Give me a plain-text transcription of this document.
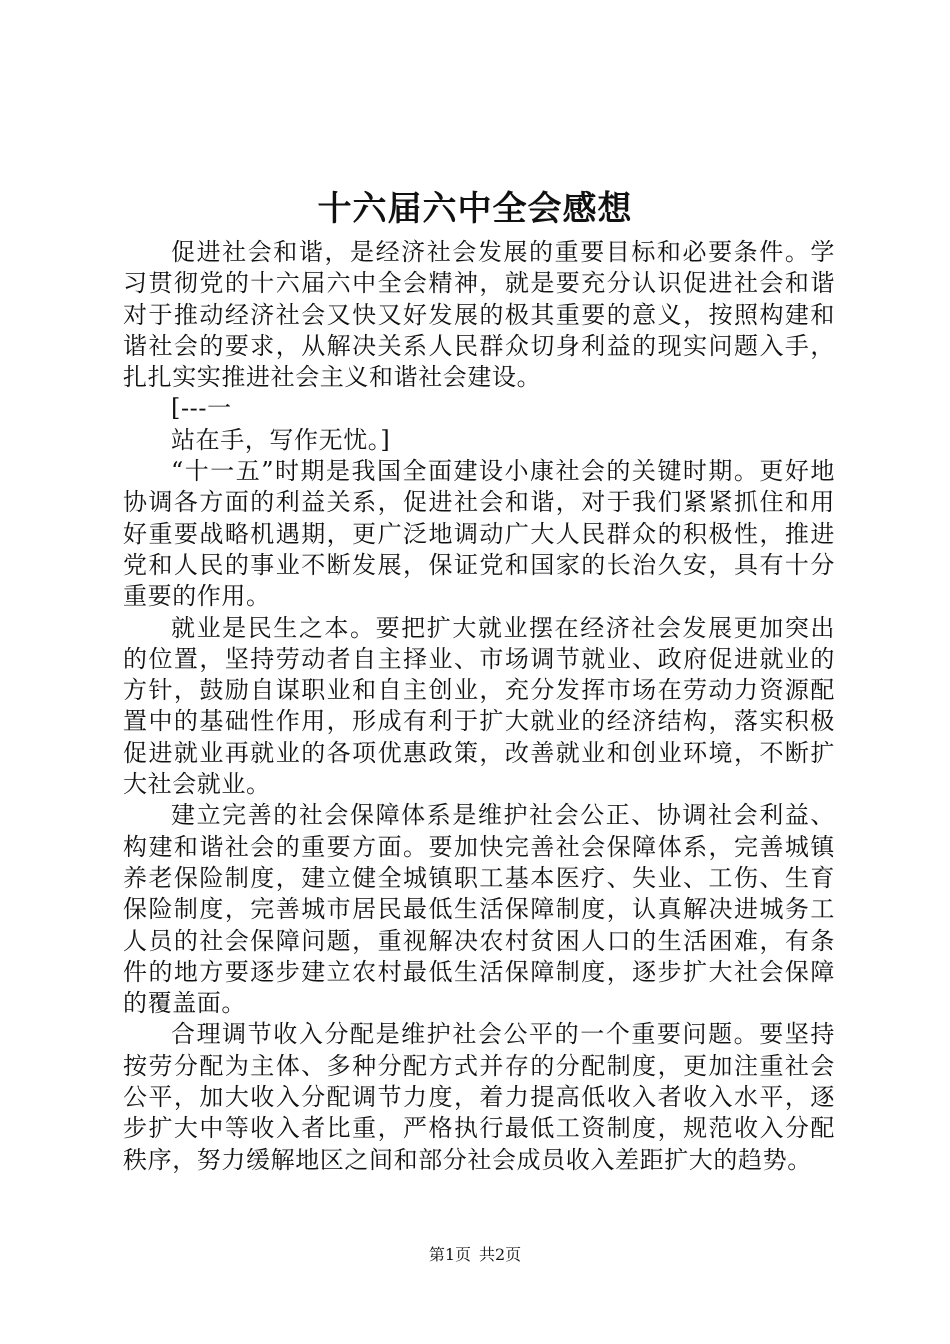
十六届六中全会感想

促进社会和谐，是经济社会发展的重要目标和必要条件。学习贯彻党的十六届六中全会精神，就是要充分认识促进社会和谐对于推动经济社会又快又好发展的极其重要的意义，按照构建和谐社会的要求，从解决关系人民群众切身利益的现实问题入手，扎扎实实推进社会主义和谐社会建设。

[---一

站在手，写作无忧。]

“十一五”时期是我国全面建设小康社会的关键时期。更好地协调各方面的利益关系，促进社会和谐，对于我们紧紧抓住和用好重要战略机遇期，更广泛地调动广大人民群众的积极性，推进党和人民的事业不断发展，保证党和国家的长治久安，具有十分重要的作用。

就业是民生之本。要把扩大就业摆在经济社会发展更加突出的位置，坚持劳动者自主择业、市场调节就业、政府促进就业的方针，鼓励自谋职业和自主创业，充分发挥市场在劳动力资源配置中的基础性作用，形成有利于扩大就业的经济结构，落实积极促进就业再就业的各项优惠政策，改善就业和创业环境，不断扩大社会就业。

建立完善的社会保障体系是维护社会公正、协调社会利益、构建和谐社会的重要方面。要加快完善社会保障体系，完善城镇养老保险制度，建立健全城镇职工基本医疗、失业、工伤、生育保险制度，完善城市居民最低生活保障制度，认真解决进城务工人员的社会保障问题，重视解决农村贫困人口的生活困难，有条件的地方要逐步建立农村最低生活保障制度，逐步扩大社会保障的覆盖面。

合理调节收入分配是维护社会公平的一个重要问题。要坚持按劳分配为主体、多种分配方式并存的分配制度，更加注重社会公平，加大收入分配调节力度，着力提高低收入者收入水平，逐步扩大中等收入者比重，严格执行最低工资制度，规范收入分配秩序，努力缓解地区之间和部分社会成员收入差距扩大的趋势。

第1页 共2页
